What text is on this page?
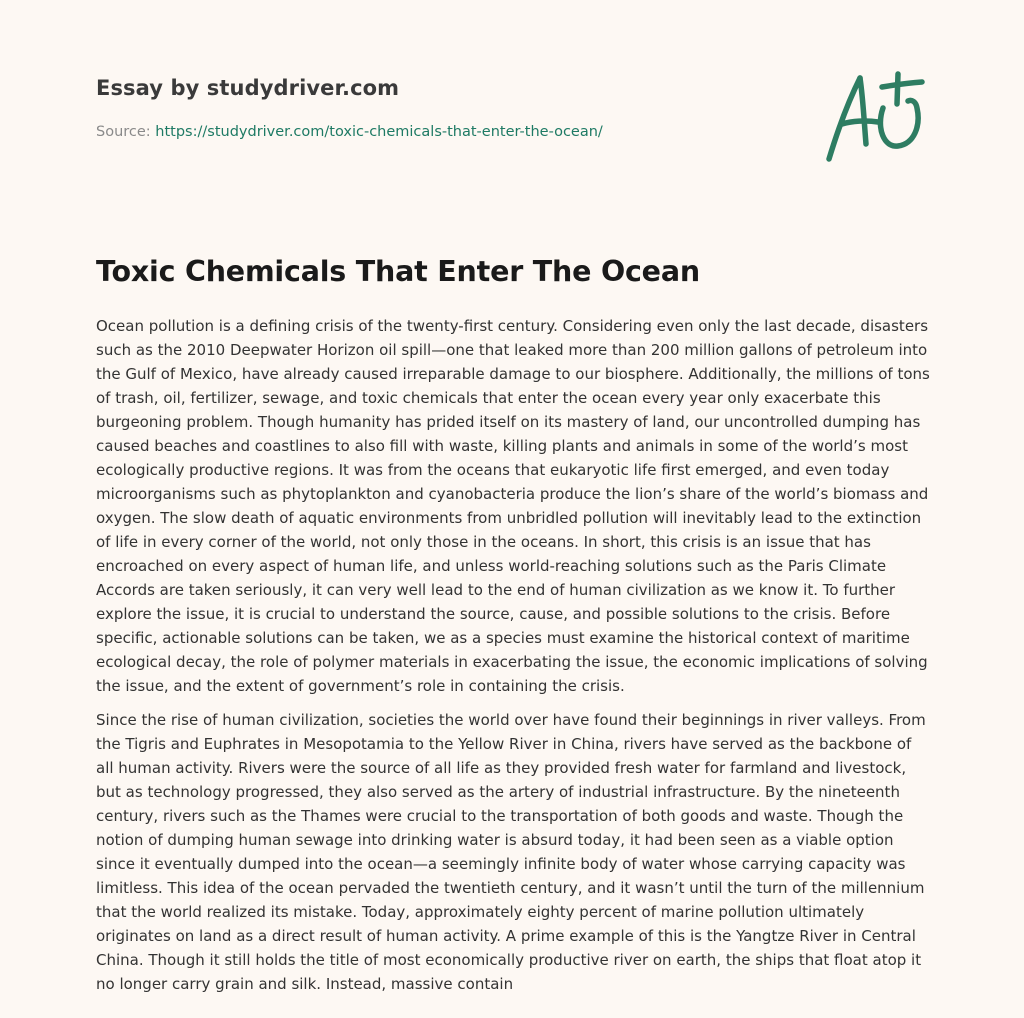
Essay by studydriver.com
Source: https://studydriver.com/toxic-chemicals-that-enter-the-ocean/
Toxic Chemicals That Enter The Ocean

Ocean pollution is a defining crisis of the twenty-first century. Considering even only the last decade, disasters such as the 2010 Deepwater Horizon oil spill—one that leaked more than 200 million gallons of petroleum into the Gulf of Mexico, have already caused irreparable damage to our biosphere. Additionally, the millions of tons of trash, oil, fertilizer, sewage, and toxic chemicals that enter the ocean every year only exacerbate this burgeoning problem. Though humanity has prided itself on its mastery of land, our uncontrolled dumping has caused beaches and coastlines to also fill with waste, killing plants and animals in some of the world’s most ecologically productive regions. It was from the oceans that eukaryotic life first emerged, and even today microorganisms such as phytoplankton and cyanobacteria produce the lion’s share of the world’s biomass and oxygen. The slow death of aquatic environments from unbridled pollution will inevitably lead to the extinction of life in every corner of the world, not only those in the oceans. In short, this crisis is an issue that has encroached on every aspect of human life, and unless world-reaching solutions such as the Paris Climate Accords are taken seriously, it can very well lead to the end of human civilization as we know it. To further explore the issue, it is crucial to understand the source, cause, and possible solutions to the crisis. Before specific, actionable solutions can be taken, we as a species must examine the historical context of maritime ecological decay, the role of polymer materials in exacerbating the issue, the economic implications of solving the issue, and the extent of government’s role in containing the crisis.

Since the rise of human civilization, societies the world over have found their beginnings in river valleys. From the Tigris and Euphrates in Mesopotamia to the Yellow River in China, rivers have served as the backbone of all human activity. Rivers were the source of all life as they provided fresh water for farmland and livestock, but as technology progressed, they also served as the artery of industrial infrastructure. By the nineteenth century, rivers such as the Thames were crucial to the transportation of both goods and waste. Though the notion of dumping human sewage into drinking water is absurd today, it had been seen as a viable option since it eventually dumped into the ocean—a seemingly infinite body of water whose carrying capacity was limitless. This idea of the ocean pervaded the twentieth century, and it wasn’t until the turn of the millennium that the world realized its mistake. Today, approximately eighty percent of marine pollution ultimately originates on land as a direct result of human activity. A prime example of this is the Yangtze River in Central China. Though it still holds the title of most economically productive river on earth, the ships that float atop it no longer carry grain and silk. Instead, massive contain
